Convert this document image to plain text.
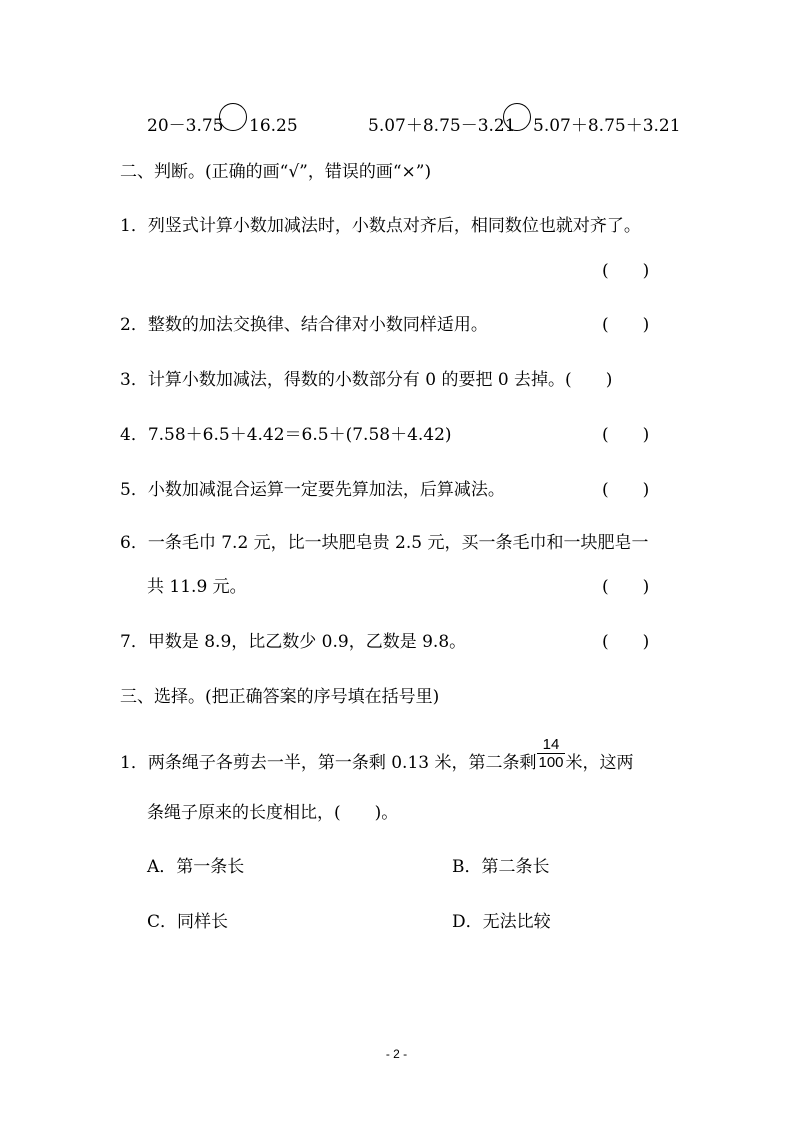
20－3.75 16.25	5.07＋8.75－3.21 5.07＋8.75＋3.21
二、判断。(正确的画“√”，错误的画“×”)
1．列竖式计算小数加减法时，小数点对齐后，相同数位也就对齐了。
(　　)
2．整数的加法交换律、结合律对小数同样适用。	(　　)
3．计算小数加减法，得数的小数部分有 0 的要把 0 去掉。(　　)
4．7.58＋6.5＋4.42＝6.5＋(7.58＋4.42)	(　　)
5．小数加减混合运算一定要先算加法，后算减法。	(　　)
6．一条毛巾 7.2 元，比一块肥皂贵 2.5 元，买一条毛巾和一块肥皂一
共 11.9 元。	(　　)
7．甲数是 8.9，比乙数少 0.9，乙数是 9.8。	(　　)
三、选择。(把正确答案的序号填在括号里)
1．两条绳子各剪去一半，第一条剩 0.13 米，第二条剩 $\frac{14}{100}$ 米，这两
条绳子原来的长度相比，(　　)。
A．第一条长	B．第二条长
C．同样长	D．无法比较
- 2 -
